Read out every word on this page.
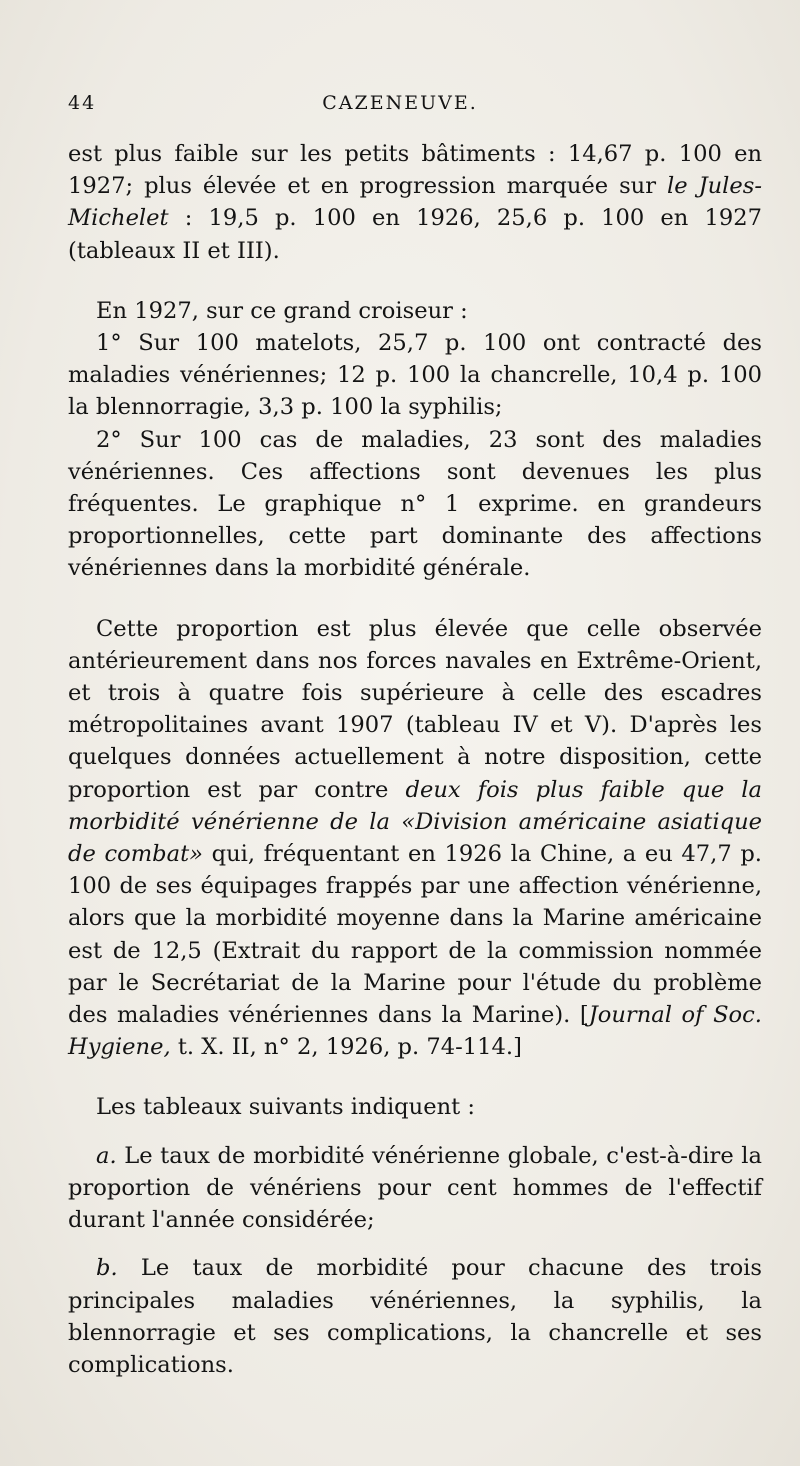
44	CAZENEUVE.

est plus faible sur les petits bâtiments : 14,67 p. 100 en 1927; plus élevée et en progression marquée sur le Jules-Michelet : 19,5 p. 100 en 1926, 25,6 p. 100 en 1927 (tableaux II et III).

En 1927, sur ce grand croiseur :

1° Sur 100 matelots, 25,7 p. 100 ont contracté des maladies vénériennes; 12 p. 100 la chancrelle, 10,4 p. 100 la blennorragie, 3,3 p. 100 la syphilis;

2° Sur 100 cas de maladies, 23 sont des maladies vénériennes. Ces affections sont devenues les plus fréquentes. Le graphique n° 1 exprime. en grandeurs proportionnelles, cette part dominante des affections vénériennes dans la morbidité générale.

Cette proportion est plus élevée que celle observée antérieurement dans nos forces navales en Extrême-Orient, et trois à quatre fois supérieure à celle des escadres métropolitaines avant 1907 (tableau IV et V). D'après les quelques données actuellement à notre disposition, cette proportion est par contre deux fois plus faible que la morbidité vénérienne de la «Division américaine asiatique de combat» qui, fréquentant en 1926 la Chine, a eu 47,7 p. 100 de ses équipages frappés par une affection vénérienne, alors que la morbidité moyenne dans la Marine américaine est de 12,5 (Extrait du rapport de la commission nommée par le Secrétariat de la Marine pour l'étude du problème des maladies vénériennes dans la Marine). [Journal of Soc. Hygiene, t. X. II, n° 2, 1926, p. 74-114.]

Les tableaux suivants indiquent :

a. Le taux de morbidité vénérienne globale, c'est-à-dire la proportion de vénériens pour cent hommes de l'effectif durant l'année considérée;

b. Le taux de morbidité pour chacune des trois principales maladies vénériennes, la syphilis, la blennorragie et ses complications, la chancrelle et ses complications.
